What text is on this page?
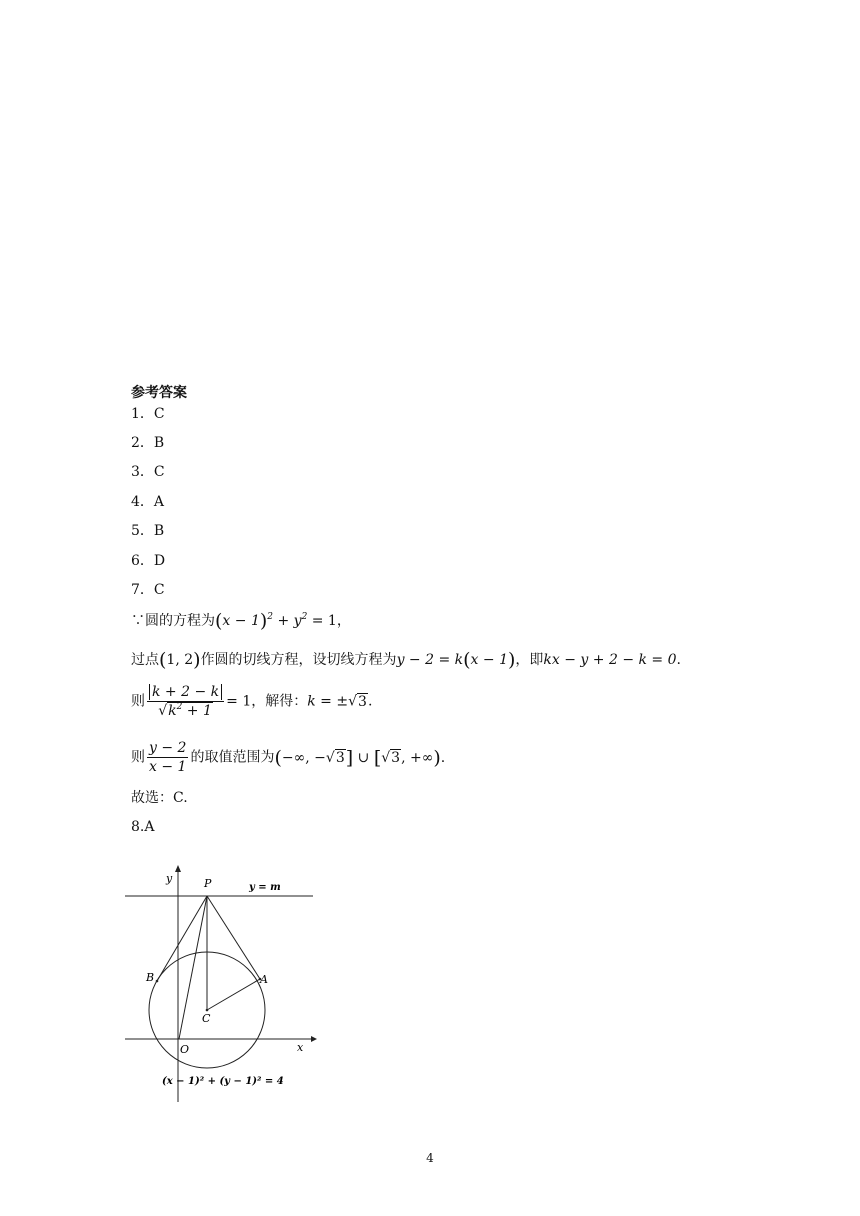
参考答案
1．C
2．B
3．C
4．A
5．B
6．D
7．C
∵圆的方程为$(x - 1)^2 + y^2 = 1$，
过点(1, 2)作圆的切线方程，设切线方程为y − 2 = k(x − 1)，即kx − y + 2 − k = 0.
则 $\frac{k + 2 - k}{√k^2 + 1} = 1$，解得：k = ±√3.
则 $\frac{y - 2}{x - 1}$ 的取值范围为(−∞, −√3] ∪ [√3, +∞).
故选：C.
8.A
y	P	y = m
B	A
C
O	x
(x − 1)² + (y − 1)² = 4
4
